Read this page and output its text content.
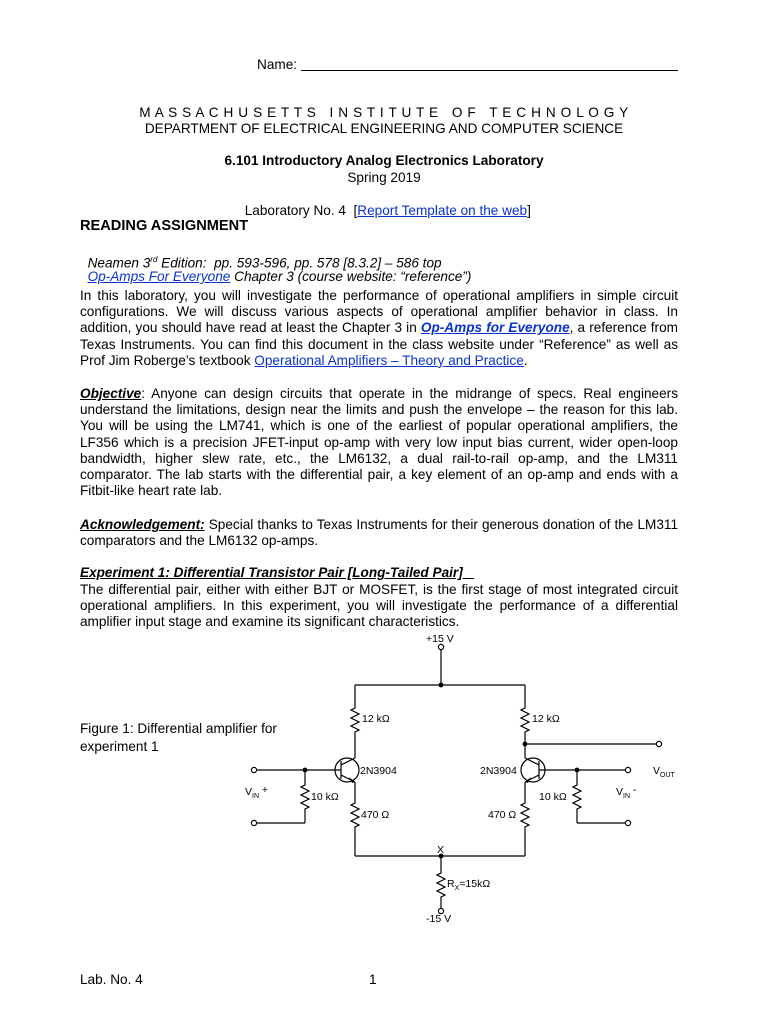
Name:
M A S S A C H U S E T T S   I N S T I T U T E   O F   T E C H N O L O G Y
DEPARTMENT OF ELECTRICAL ENGINEERING AND COMPUTER SCIENCE
6.101 Introductory Analog Electronics Laboratory
Spring 2019

Laboratory No. 4  [Report Template on the web]

READING ASSIGNMENT

Neamen 3rd Edition:  pp. 593-596, pp. 578 [8.3.2] – 586 top

Op-Amps For Everyone Chapter 3 (course website: “reference”)

In this laboratory, you will investigate the performance of operational amplifiers in simple circuit configurations. We will discuss various aspects of operational amplifier behavior in class. In addition, you should have read at least the Chapter 3 in Op-Amps for Everyone, a reference from Texas Instruments. You can find this document in the class website under “Reference” as well as Prof Jim Roberge’s textbook Operational Amplifiers – Theory and Practice.
Objective: Anyone can design circuits that operate in the midrange of specs. Real engineers understand the limitations, design near the limits and push the envelope – the reason for this lab. You will be using the LM741, which is one of the earliest of popular operational amplifiers, the LF356 which is a precision JFET-input op-amp with very low input bias current, wider open-loop bandwidth, higher slew rate, etc., the LM6132, a dual rail-to-rail op-amp, and the LM311 comparator. The lab starts with the differential pair, a key element of an op-amp and ends with a Fitbit-like heart rate lab.
Acknowledgement: Special thanks to Texas Instruments for their generous donation of the LM311 comparators and the LM6132 op-amps.
Experiment 1: Differential Transistor Pair [Long-Tailed Pair]
The differential pair, either with either BJT or MOSFET, is the first stage of most integrated circuit operational amplifiers. In this experiment, you will investigate the performance of a differential amplifier input stage and examine its significant characteristics.
Figure 1: Differential amplifier for experiment 1
+15 V
12 kΩ	12 kΩ
2N3904	2N3904
10 kΩ	10 kΩ
470 Ω	470 Ω
X
$R_X=15k\Omega$
-15 V
$V_{IN}$ +	$V_{IN}$ -
$V_{OUT}$
Lab. No. 4	1
